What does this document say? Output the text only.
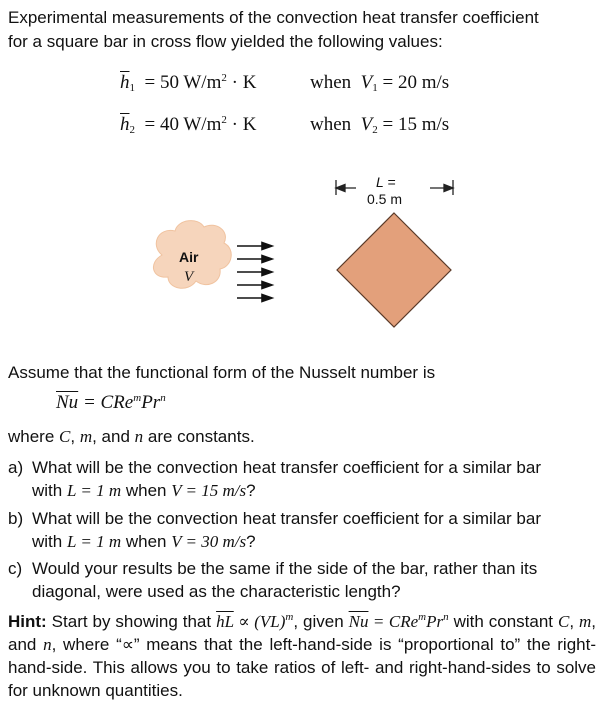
Experimental measurements of the convection heat transfer coefficient
for a square bar in cross flow yielded the following values:
$\overline{h}_1 = 50$ $W/m^2 \cdot K$	when $V_1 = 20$ m/s
$\overline{h}_2 = 40$ $W/m^2 \cdot K$	when $V_2 = 15$ m/s
L =
0.5 m
Air
V
Assume that the functional form of the Nusselt number is
$\overline{Nu} = CRe^mPr^n$
where C, m, and n are constants.
a) What will be the convection heat transfer coefficient for a similar bar
with L = 1 m when V = 15 m/s?
b) What will be the convection heat transfer coefficient for a similar bar
with L = 1 m when V = 30 m/s?
c) Would your results be the same if the side of the bar, rather than its
diagonal, were used as the characteristic length?
Hint: Start by showing that $\overline{hL} \propto (VL)^m$, given $\overline{Nu} = CRe^mPr^n$ with constant C, m, and n, where “∝” means that the left-hand-side is “proportional to” the right-hand-side. This allows you to take ratios of left- and right-hand-sides to solve for unknown quantities.
